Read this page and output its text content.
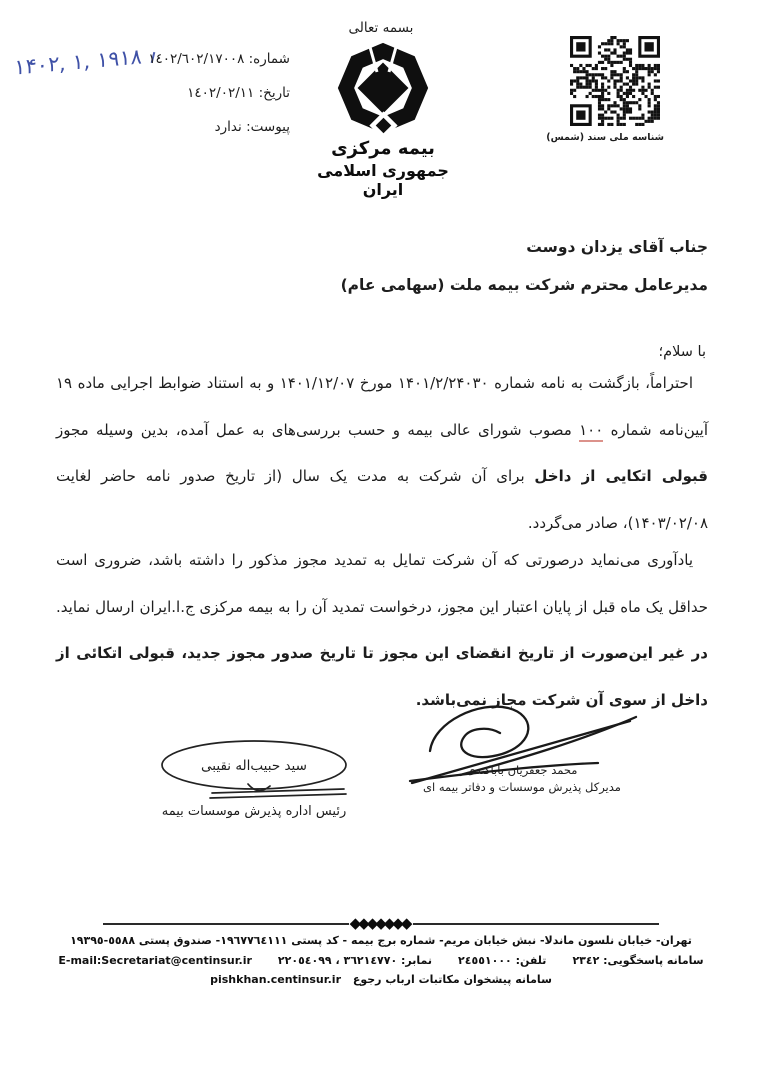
۱۴۰۲, ۱, ۱۹۱۸
بسمه تعالی
شماره: ١٤٠٢/٦٠٢/١٧٠٠٨
تاریخ: ١٤٠٢/٠٢/١١
پیوست: ندارد
بیمه مرکزی
جمهوری اسلامی ایران
شناسه ملی سند (شمس)
جناب آقای یزدان دوست
مدیرعامل محترم شرکت بیمه ملت (سهامی عام)
با سلام؛

احتراماً، بازگشت به نامه شماره ۱۴۰۱/۲/۲۴۰۳۰ مورخ ۱۴۰۱/۱۲/۰۷ و به استناد ضوابط اجرایی ماده ۱۹ آیین‌نامه شماره ۱۰۰ مصوب شورای عالی بیمه و حسب بررسی‌های به عمل آمده، بدین وسیله مجوز قبولی اتکایی از داخل برای آن شرکت به مدت یک سال (از تاریخ صدور نامه حاضر لغایت ۱۴۰۳/۰۲/۰۸)، صادر می‌گردد.

یادآوری می‌نماید درصورتی که آن شرکت تمایل به تمدید مجوز مذکور را داشته باشد، ضروری است حداقل یک ماه قبل از پایان اعتبار این مجوز، درخواست تمدید آن را به بیمه مرکزی ج.ا.ایران ارسال نماید. در غیر این‌صورت از تاریخ انقضای این مجوز تا تاریخ صدور مجوز جدید، قبولی اتکائی از داخل از سوی آن شرکت مجاز نمی‌باشد.

محمد جعفریان باباکندی
مدیرکل پذیرش موسسات و دفاتر بیمه ای
سید حبیب‌اله نقیبی
رئیس اداره پذیرش موسسات بیمه
◆◆◆◆◆◆◆
تهران- خیابان نلسون ماندلا- نبش خیابان مریم- شماره برج بیمه - کد پستی ١٩٦٧٧٦٤١١١- صندوق پستی ٥٥٨٨-١٩٣٩٥
سامانه پاسخگویی: ٢٣٤٢
تلفن: ٢٤٥٥١٠٠٠
نمابر: ٣٦٢١٤٧٧٠ ، ٢٢٠٥٤٠٩٩
E-mail:Secretariat@centinsur.ir
سامانه پیشخوان مکاتبات ارباب رجوع pishkhan.centinsur.ir
